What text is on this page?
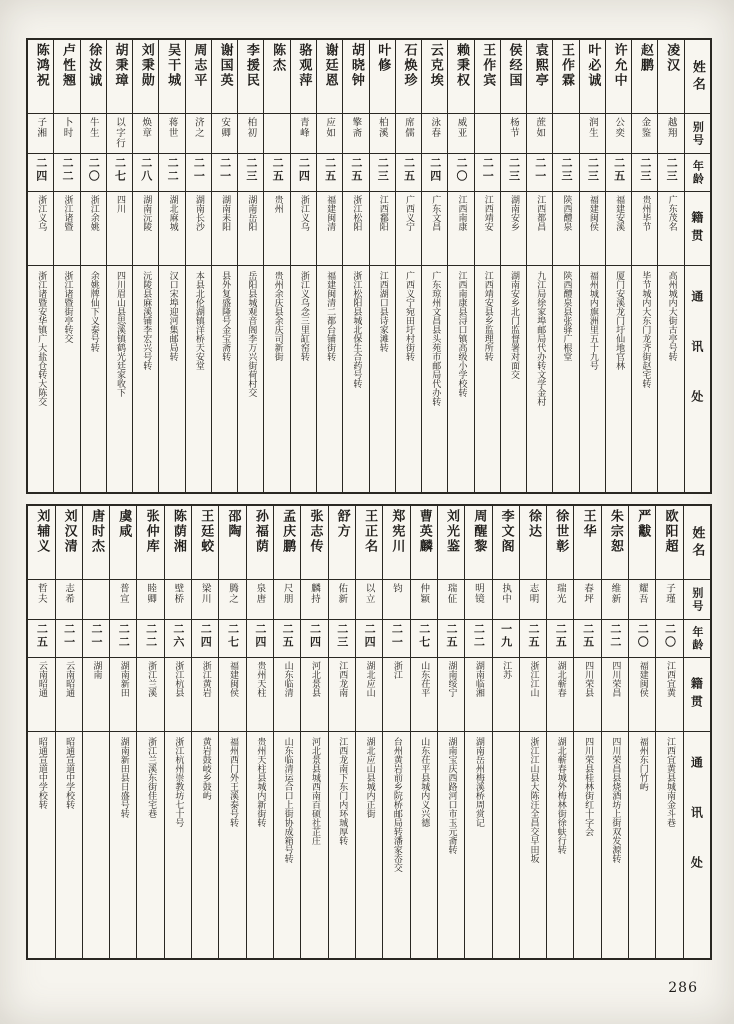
姓名
别号
年龄
籍贯
通讯处
凌汉
越翔
二三
广东茂名
高州城内大街古亭号转
赵鹏
金鉴
二三
贵州毕节
毕节城内大东门龙齐街赵宅转
许允中
公奕
二五
福建安溪
厦门安溪龙门圩仙地官林
叶必诚
润生
二三
福建闽侯
福州城内旗洲里五十九号
王作霖
二三
陕西醴泉
陕西醴泉县张驿广根堂
袁熙亭
蔗如
二一
江西都昌
九江局徐家埠邮局代办转文学金村
侯经国
杨节
二三
湖南安乡
湖南安乡北门监督署对面交
王作宾
二一
江西靖安
江西靖安县乡监理所转
赖秉权
威亚
二〇
江西南康
江西南康县浔口镇高级小学校转
云克埃
泳春
二四
广东文昌
广东琼州文昌县头苑市邮局代办转
石焕珍
席儒
二五
广西义宁
广西义宁宛田圩村街转
叶修
柏溪
二三
江西鄱阳
江西湖口县诗家滩转
胡晓钟
擎斋
二五
浙江松阳
浙江松阳县城北保生合药号转
谢廷恩
应如
二五
福建闽清
福建闽清二都台铺街转
骆观萍
青峰
二四
浙江义乌
浙江义乌念三里缸窑转
陈杰
二五
贵州
贵州余庆县余庆司新街
李援民
柏初
二三
湖南岳阳
岳阳县城观音阁李万兴街荷村交
谢国英
安卿
二一
湖南耒阳
县外复盛隆号金宝斋转
周志平
济之
二一
湖南长沙
本县北伦湖镇洋桥天安堂
吴干城
蒋世
二二
湖北麻城
汉口宋埠迎河集邮局转
刘秉勋
焕章
二八
湖南沅陵
沅陵县麻溪铺李宏兴号转
胡秉璋
以字行
二七
四川
四川眉山县思溪镇鹤光廷家收下
徐汝诚
牛生
二〇
浙江余姚
余姚牌仙下义泰号转
卢性翘
卜时
二二
浙江诸暨
浙江诸暨街亭转交
陈鸿祝
子湘
二四
浙江义乌
浙江诸暨安华镇广大盐仓转大陈交
姓名
别号
年龄
籍贯
通讯处
欧阳超
子瑾
二〇
江西宜黄
江西宜黄县城南金斗巷
严黻
耀吾
二〇
福建闽侯
福州东门竹屿
朱宗恕
维新
二二
四川荣昌
四川荣昌县烧酒坊上街双发源转
王华
春坪
二五
四川荣县
四川荣县桂林街红十字会
徐世彰
瑞光
二五
湖北蕲春
湖北蕲春城外梅林街徐蚨行转
徐达
志明
二五
浙江江山
浙江江山县大陈汪全昌交早田坂
李文阁
执中
一九
江苏
周醒黎
明镜
二二
湖南临湘
湖南岳州梅溪桥周赏记
刘光鉴
瑞佂
二五
湖南绥宁
湖南宝庆西路河口市玉元斋转
曹英麟
仲颖
二七
山东茌平
山东茌平县城内义兴德
郑宪川
钧
二一
浙江
台州黄岩前乡院桥邮局转潘家岙交
王正名
以立
二四
湖北应山
湖北应山县城内正街
舒方
佑新
二三
江西龙南
江西龙南下东门内环珹厚转
张志传
麟持
二四
河北景县
河北景县城西南百硕社芷庄
孟庆鹏
尺朋
二五
山东临清
山东临清运合口上街协成箱号转
孙福荫
泉唐
二四
贵州天柱
贵州天柱县城内新街转
邵陶
腾之
二七
福建闽侯
福州西门外王溪泰号转
王廷蛟
梁川
二四
浙江黄岩
黄岩鼓岐乡鼓屿
陈荫湘
壁桥
二六
浙江杭县
浙江杭州崇教坊七十号
张仲库
睦卿
二二
浙江兰溪
浙江兰溪东街佳宅巷
虞咸
普宣
二二
湖南新田
湖南新田县日盛号转
唐时杰
二一
湖南
刘汉清
志希
二一
云南昭通
昭通宣道中学校转
刘辅义
哲夫
二五
云南昭通
昭通宣道中学校转
286
